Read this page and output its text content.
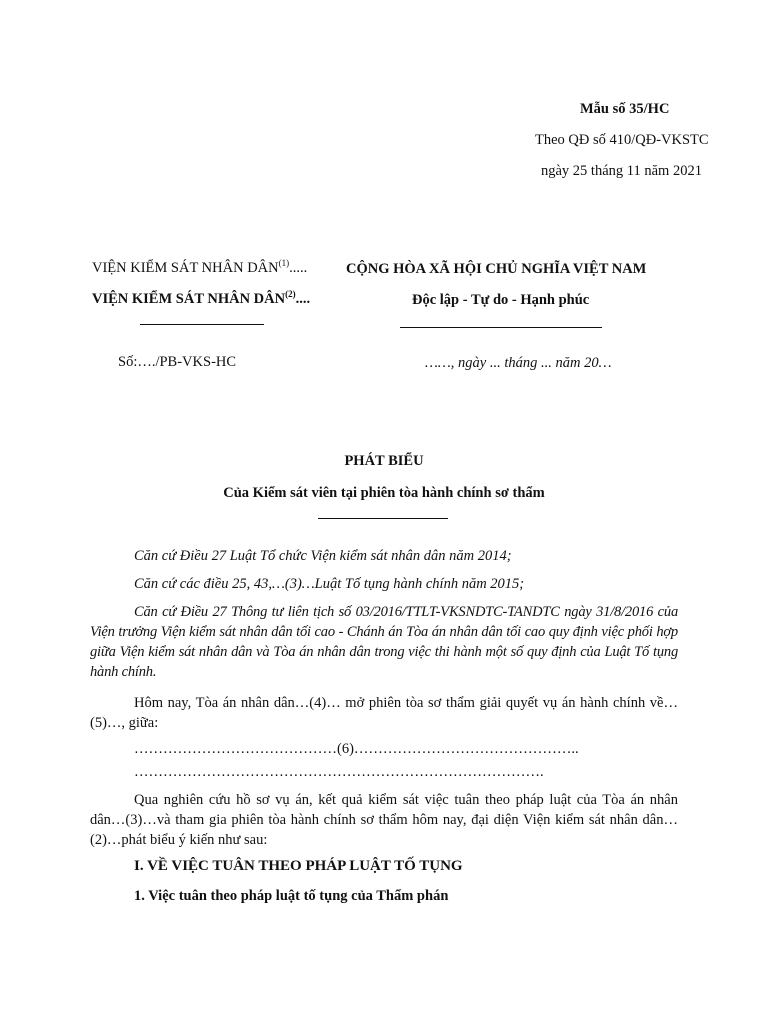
Mẫu số 35/HC
Theo QĐ số 410/QĐ-VKSTC
ngày 25 tháng 11 năm 2021
VIỆN KIỂM SÁT NHÂN DÂN$^{(1)}$.....
VIỆN KIỂM SÁT NHÂN DÂN$^{(2)}$....
Số:…./PB-VKS-HC
CỘNG HÒA XÃ HỘI CHỦ NGHĨA VIỆT NAM
Độc lập - Tự do - Hạnh phúc
……, ngày ... tháng ... năm 20…
PHÁT BIỂU
Của Kiểm sát viên tại phiên tòa hành chính sơ thẩm
Căn cứ Điều 27 Luật Tổ chức Viện kiểm sát nhân dân năm 2014;
Căn cứ các điều 25, 43,…(3)…Luật Tố tụng hành chính năm 2015;
Căn cứ Điều 27 Thông tư liên tịch số 03/2016/TTLT-VKSNDTC-TANDTC ngày 31/8/2016 của Viện trưởng Viện kiểm sát nhân dân tối cao - Chánh án Tòa án nhân dân tối cao quy định việc phối hợp giữa Viện kiểm sát nhân dân và Tòa án nhân dân trong việc thi hành một số quy định của Luật Tố tụng hành chính.
Hôm nay, Tòa án nhân dân…(4)… mở phiên tòa sơ thẩm giải quyết vụ án hành chính về…(5)…, giữa:
……………………………………(6)………………………………………..
………………………………………………………………………….
Qua nghiên cứu hồ sơ vụ án, kết quả kiểm sát việc tuân theo pháp luật của Tòa án nhân dân…(3)…và tham gia phiên tòa hành chính sơ thẩm hôm nay, đại diện Viện kiểm sát nhân dân…(2)…phát biểu ý kiến như sau:
I. VỀ VIỆC TUÂN THEO PHÁP LUẬT TỐ TỤNG
1. Việc tuân theo pháp luật tố tụng của Thẩm phán
